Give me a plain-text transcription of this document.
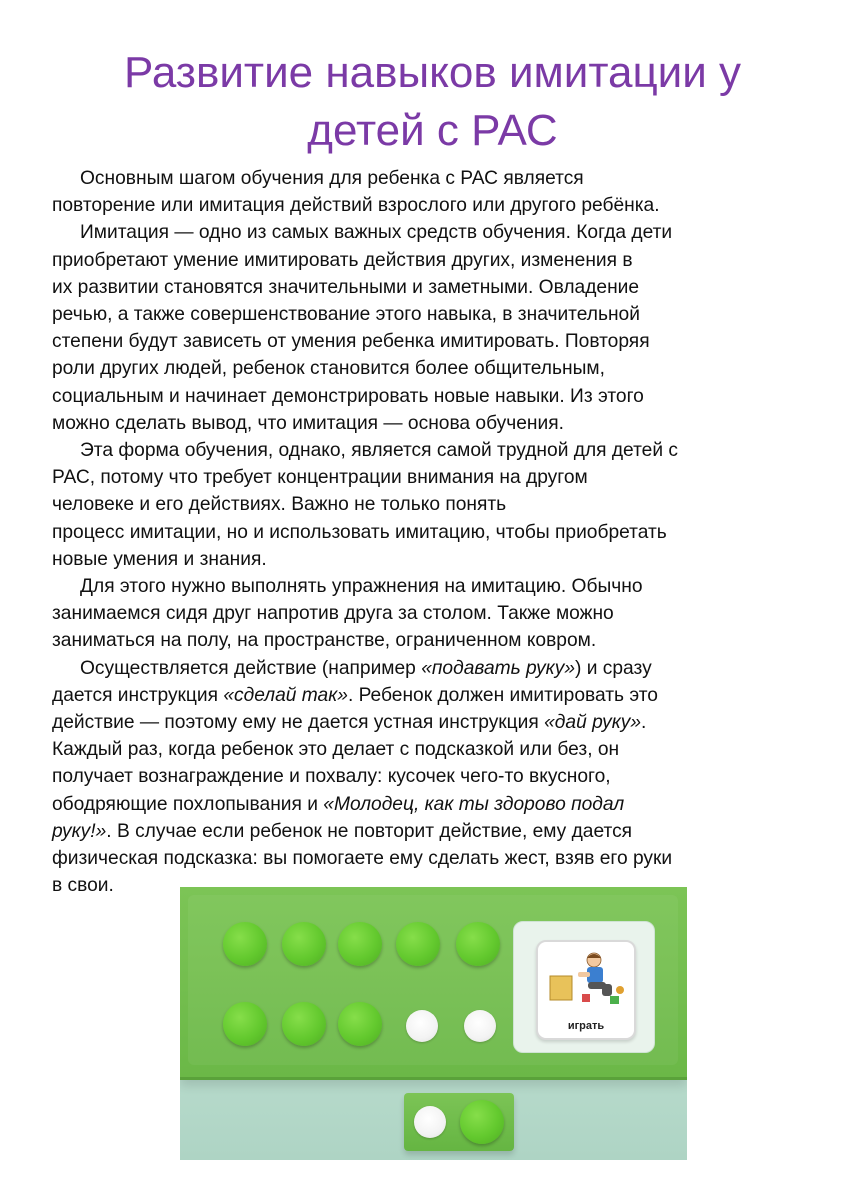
Развитие навыков имитации у
детей с РАС
Основным шагом обучения для ребенка с РАС является
повторение или имитация действий взрослого или другого ребёнка.
Имитация — одно из самых важных средств обучения. Когда дети
приобретают умение имитировать действия других, изменения в
их развитии становятся значительными и заметными. Овладение
речью, а также совершенствование этого навыка, в значительной
степени будут зависеть от умения ребенка имитировать. Повторяя
роли других людей, ребенок становится более общительным,
социальным и начинает демонстрировать новые навыки. Из этого
можно сделать вывод, что имитация — основа обучения.
Эта форма обучения, однако, является самой трудной для детей с
РАС, потому что требует концентрации внимания на другом
человеке и его действиях. Важно не только понять
процесс имитации, но и использовать имитацию, чтобы приобретать
новые умения и знания.
Для этого нужно выполнять упражнения на имитацию. Обычно
занимаемся сидя друг напротив друга за столом. Также можно
заниматься на полу, на пространстве, ограниченном ковром.
Осуществляется действие (например «подавать руку») и сразу
дается инструкция «сделай так». Ребенок должен имитировать это
действие — поэтому ему не дается устная инструкция «дай руку».
Каждый раз, когда ребенок это делает с подсказкой или без, он
получает вознаграждение и похвалу: кусочек чего-то вкусного,
ободряющие похлопывания и «Молодец, как ты здорово подал
руку!». В случае если ребенок не повторит действие, ему дается
физическая подсказка: вы помогаете ему сделать жест, взяв его руки
в свои.
играть
